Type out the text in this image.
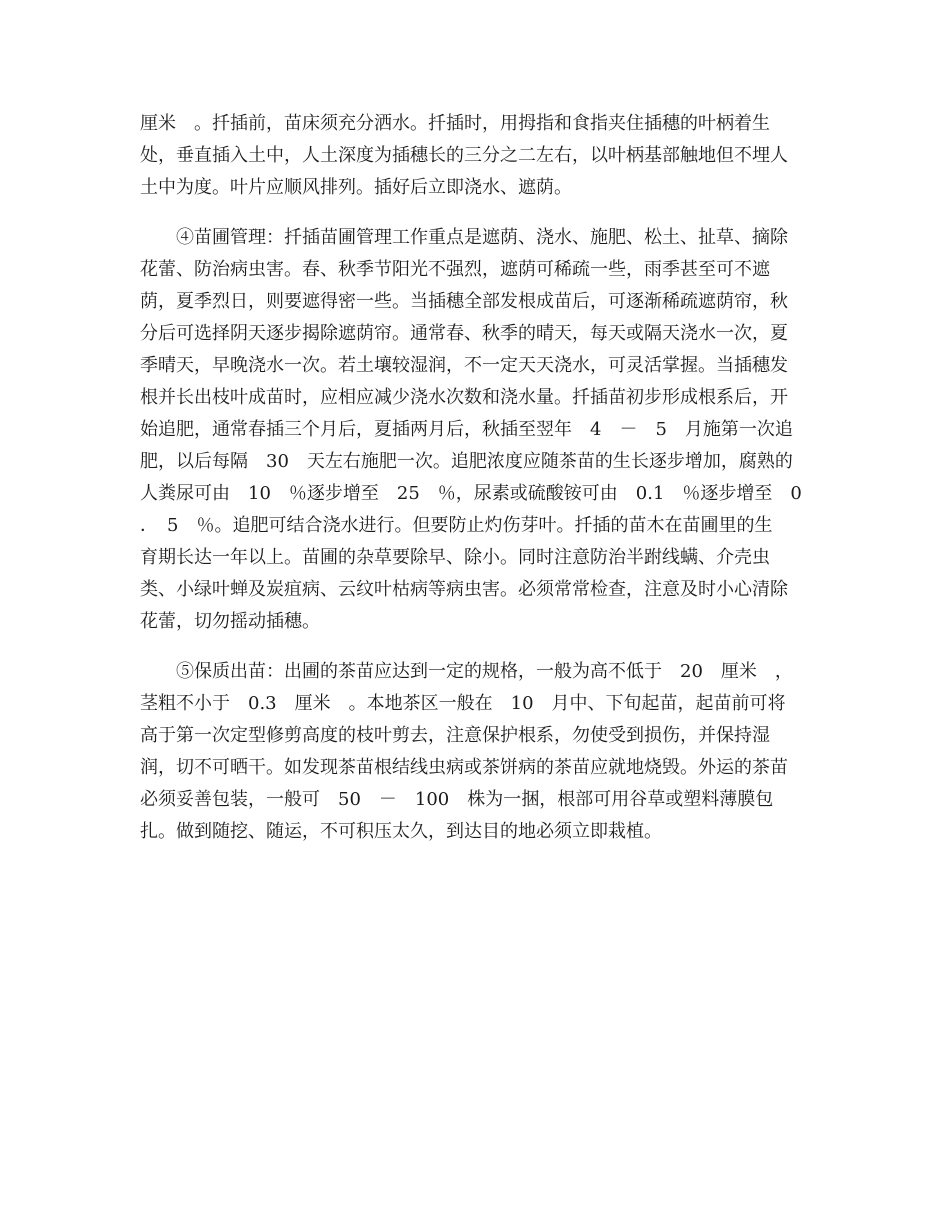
厘米　。扦插前，苗床须充分洒水。扦插时，用拇指和食指夹住插穗的叶柄着生
处，垂直插入土中，人土深度为插穗长的三分之二左右，以叶柄基部触地但不埋人
土中为度。叶片应顺风排列。插好后立即浇水、遮荫。
④苗圃管理：扦插苗圃管理工作重点是遮荫、浇水、施肥、松土、扯草、摘除
花蕾、防治病虫害。春、秋季节阳光不强烈，遮荫可稀疏一些，雨季甚至可不遮
荫，夏季烈日，则要遮得密一些。当插穗全部发根成苗后，可逐渐稀疏遮荫帘，秋
分后可选择阴天逐步揭除遮荫帘。通常春、秋季的晴天，每天或隔天浇水一次，夏
季晴天，早晚浇水一次。若土壤较湿润，不一定天天浇水，可灵活掌握。当插穗发
根并长出枝叶成苗时，应相应减少浇水次数和浇水量。扦插苗初步形成根系后，开
始追肥，通常春插三个月后，夏插两月后，秋插至翌年　4　－　5　月施第一次追
肥，以后每隔　30　天左右施肥一次。追肥浓度应随茶苗的生长逐步增加，腐熟的
人粪尿可由　10　％逐步增至　25　％，尿素或硫酸铵可由　0.1　％逐步增至　0
．　5　％。追肥可结合浇水进行。但要防止灼伤芽叶。扦插的苗木在苗圃里的生
育期长达一年以上。苗圃的杂草要除早、除小。同时注意防治半跗线螨、介壳虫
类、小绿叶蝉及炭疽病、云纹叶枯病等病虫害。必须常常检查，注意及时小心清除
花蕾，切勿摇动插穗。
⑤保质出苗：出圃的茶苗应达到一定的规格，一般为高不低于　20　厘米　，
茎粗不小于　0.3　厘米　。本地茶区一般在　10　月中、下旬起苗，起苗前可将
高于第一次定型修剪高度的枝叶剪去，注意保护根系，勿使受到损伤，并保持湿
润，切不可晒干。如发现茶苗根结线虫病或茶饼病的茶苗应就地烧毁。外运的茶苗
必须妥善包装，一般可　50　－　100　株为一捆，根部可用谷草或塑料薄膜包
扎。做到随挖、随运，不可积压太久，到达目的地必须立即栽植。
